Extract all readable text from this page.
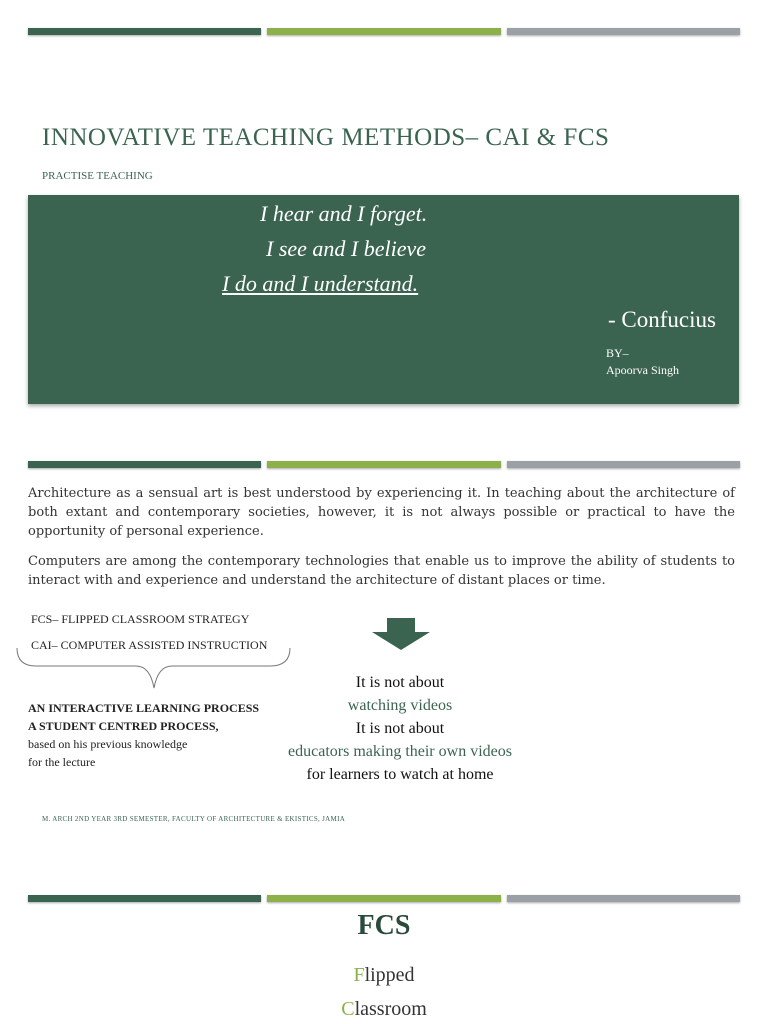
INNOVATIVE TEACHING METHODS– CAI & FCS
PRACTISE TEACHING
I hear and I forget.
I see and I believe
I do and I understand.
- Confucius
BY–
Apoorva Singh

Architecture as a sensual art is best understood by experiencing it. In teaching about the architecture of both extant and contemporary societies, however, it is not always possible or practical to have the opportunity of personal experience.

Computers are among the contemporary technologies that enable us to improve the ability of students to interact with and experience and understand the architecture of distant places or time.

FCS– FLIPPED CLASSROOM STRATEGY
CAI– COMPUTER ASSISTED INSTRUCTION
AN INTERACTIVE LEARNING PROCESS
A STUDENT CENTRED PROCESS,
based on his previous knowledge
for the lecture
It is not about
watching videos
It is not about
educators making their own videos
for learners to watch at home
M. ARCH 2ND YEAR 3RD SEMESTER, FACULTY OF ARCHITECTURE & EKISTICS, JAMIA
FCS
Flipped
Classroom
